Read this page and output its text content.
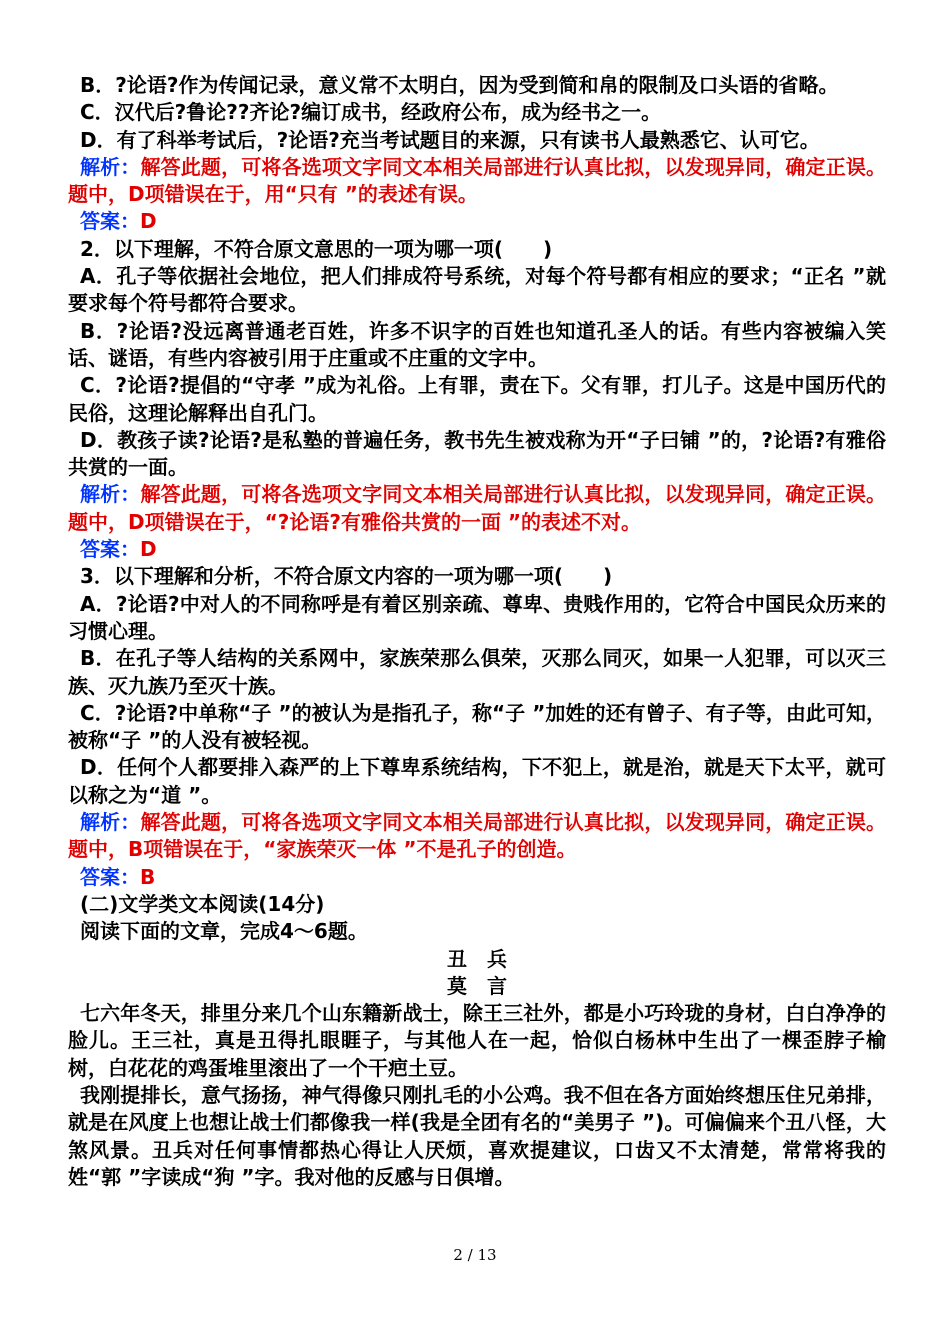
B．?论语?作为传闻记录，意义常不太明白，因为受到简和帛的限制及口头语的省略。

C．汉代后?鲁论??齐论?编订成书，经政府公布，成为经书之一。

D．有了科举考试后，?论语?充当考试题目的来源，只有读书人最熟悉它、认可它。

解析：解答此题，可将各选项文字同文本相关局部进行认真比拟，以发现异同，确定正误。题中，D项错误在于，用“只有 ”的表述有误。

答案：D

2．以下理解，不符合原文意思的一项为哪一项(　　)

A．孔子等依据社会地位，把人们排成符号系统，对每个符号都有相应的要求；“正名 ”就要求每个符号都符合要求。

B．?论语?没远离普通老百姓，许多不识字的百姓也知道孔圣人的话。有些内容被编入笑话、谜语，有些内容被引用于庄重或不庄重的文字中。

C．?论语?提倡的“守孝 ”成为礼俗。上有罪，责在下。父有罪，打儿子。这是中国历代的民俗，这理论解释出自孔门。

D．教孩子读?论语?是私塾的普遍任务，教书先生被戏称为开“子曰铺 ”的，?论语?有雅俗共赏的一面。

解析：解答此题，可将各选项文字同文本相关局部进行认真比拟，以发现异同，确定正误。题中，D项错误在于，“?论语?有雅俗共赏的一面 ”的表述不对。

答案：D

3．以下理解和分析，不符合原文内容的一项为哪一项(　　)

A．?论语?中对人的不同称呼是有着区别亲疏、尊卑、贵贱作用的，它符合中国民众历来的习惯心理。

B．在孔子等人结构的关系网中，家族荣那么俱荣，灭那么同灭，如果一人犯罪，可以灭三族、灭九族乃至灭十族。

C．?论语?中单称“子 ”的被认为是指孔子，称“子 ”加姓的还有曾子、有子等，由此可知，被称“子 ”的人没有被轻视。

D．任何个人都要排入森严的上下尊卑系统结构，下不犯上，就是治，就是天下太平，就可以称之为“道 ”。

解析：解答此题，可将各选项文字同文本相关局部进行认真比拟，以发现异同，确定正误。题中，B项错误在于，“家族荣灭一体 ”不是孔子的创造。

答案：B

(二)文学类文本阅读(14分)

阅读下面的文章，完成4～6题。

丑　兵

莫　言

七六年冬天，排里分来几个山东籍新战士，除王三社外，都是小巧玲珑的身材，白白净净的脸儿。王三社，真是丑得扎眼睚子，与其他人在一起，恰似白杨林中生出了一棵歪脖子榆树，白花花的鸡蛋堆里滚出了一个干疤土豆。

我刚提排长，意气扬扬，神气得像只刚扎毛的小公鸡。我不但在各方面始终想压住兄弟排，就是在风度上也想让战士们都像我一样(我是全团有名的“美男子 ”)。可偏偏来个丑八怪，大煞风景。丑兵对任何事情都热心得让人厌烦，喜欢提建议，口齿又不太清楚，常常将我的姓“郭 ”字读成“狗 ”字。我对他的反感与日俱增。

2 / 13
